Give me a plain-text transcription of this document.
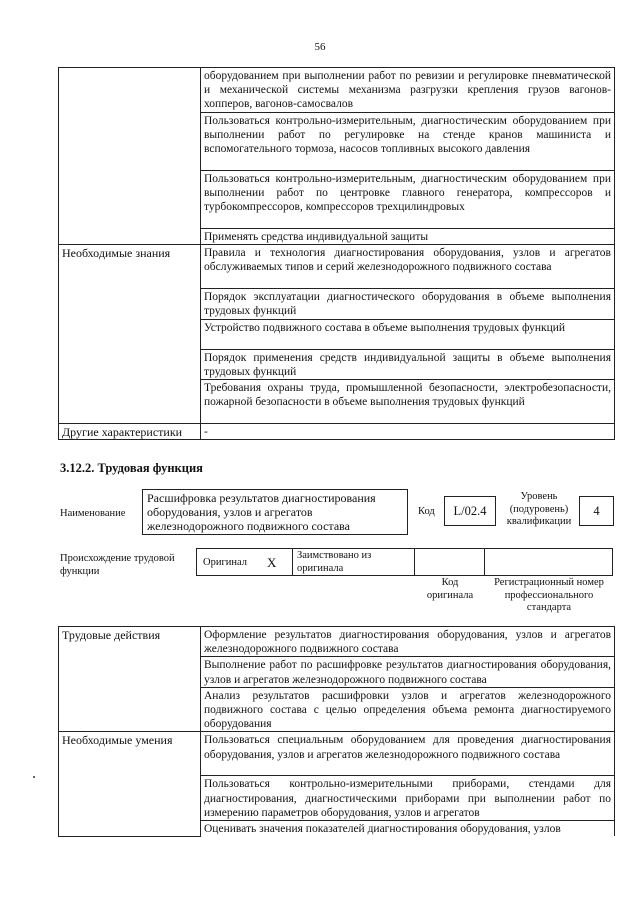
56
	оборудованием при выполнении работ по ревизии и регулировке пневматической и механической системы механизма разгрузки крепления грузов вагонов-хопперов, вагонов-самосвалов
	Пользоваться контрольно-измерительным, диагностическим оборудованием при выполнении работ по регулировке на стенде кранов машиниста и вспомогательного тормоза, насосов топливных высокого давления
	Пользоваться контрольно-измерительным, диагностическим оборудованием при выполнении работ по центровке главного генератора, компрессоров и турбокомпрессоров, компрессоров трехцилиндровых
	Применять средства индивидуальной защиты
Необходимые знания	Правила и технология диагностирования оборудования, узлов и агрегатов обслуживаемых типов и серий железнодорожного подвижного состава
	Порядок эксплуатации диагностического оборудования в объеме выполнения трудовых функций
	Устройство подвижного состава в объеме выполнения трудовых функций
	Порядок применения средств индивидуальной защиты в объеме выполнения трудовых функций
	Требования охраны труда, промышленной безопасности, электробезопасности, пожарной безопасности в объеме выполнения трудовых функций
Другие характеристики	-
3.12.2. Трудовая функция
Наименование
Расшифровка результатов диагностирования оборудования, узлов и агрегатов железнодорожного подвижного состава
Код	L/02.4
Уровень (подуровень) квалификации
4
Происхождение трудовой функции
Оригинал X Заимствовано из оригинала
Код оригинала
Регистрационный номер профессионального стандарта
Трудовые действия	Оформление результатов диагностирования оборудования, узлов и агрегатов железнодорожного подвижного состава
	Выполнение работ по расшифровке результатов диагностирования оборудования, узлов и агрегатов железнодорожного подвижного состава
	Анализ результатов расшифровки узлов и агрегатов железнодорожного подвижного состава с целью определения объема ремонта диагностируемого оборудования
Необходимые умения	Пользоваться специальным оборудованием для проведения диагностирования оборудования, узлов и агрегатов железнодорожного подвижного состава
	Пользоваться контрольно-измерительными приборами, стендами для диагностирования, диагностическими приборами при выполнении работ по измерению параметров оборудования, узлов и агрегатов
	Оценивать значения показателей диагностирования оборудования, узлов
